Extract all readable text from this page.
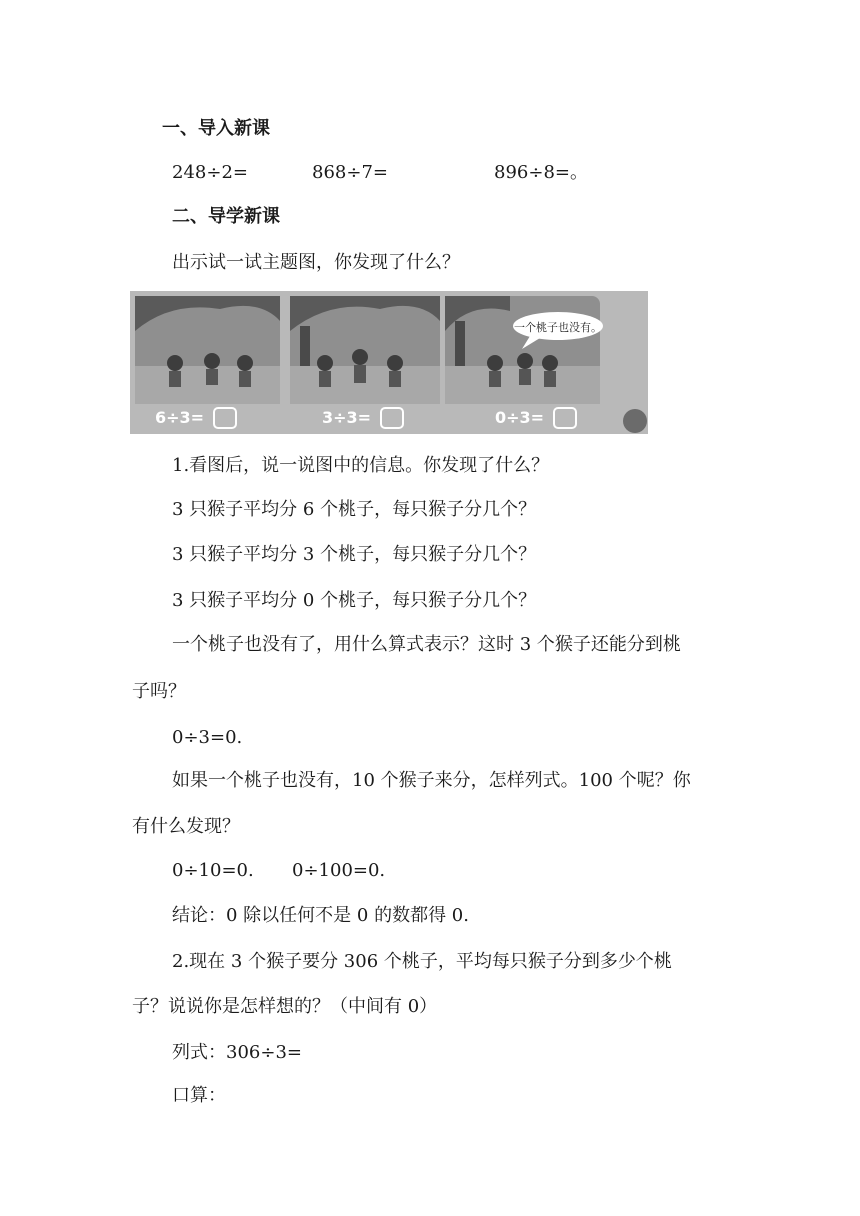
一、导入新课
248÷2=	868÷7=	896÷8=。
二、导学新课
出示试一试主题图，你发现了什么？
一个桃子也没有。
6÷3=	3÷3=	0÷3=
1.看图后，说一说图中的信息。你发现了什么？
3 只猴子平均分 6 个桃子，每只猴子分几个？
3 只猴子平均分 3 个桃子，每只猴子分几个？
3 只猴子平均分 0 个桃子，每只猴子分几个？
一个桃子也没有了，用什么算式表示？这时 3 个猴子还能分到桃
子吗？
0÷3=0.
如果一个桃子也没有，10 个猴子来分，怎样列式。100 个呢？你
有什么发现？
0÷10=0. 0÷100=0.
结论：0 除以任何不是 0 的数都得 0.
2.现在 3 个猴子要分 306 个桃子，平均每只猴子分到多少个桃
子？说说你是怎样想的？（中间有 0）
列式：306÷3=
口算：
